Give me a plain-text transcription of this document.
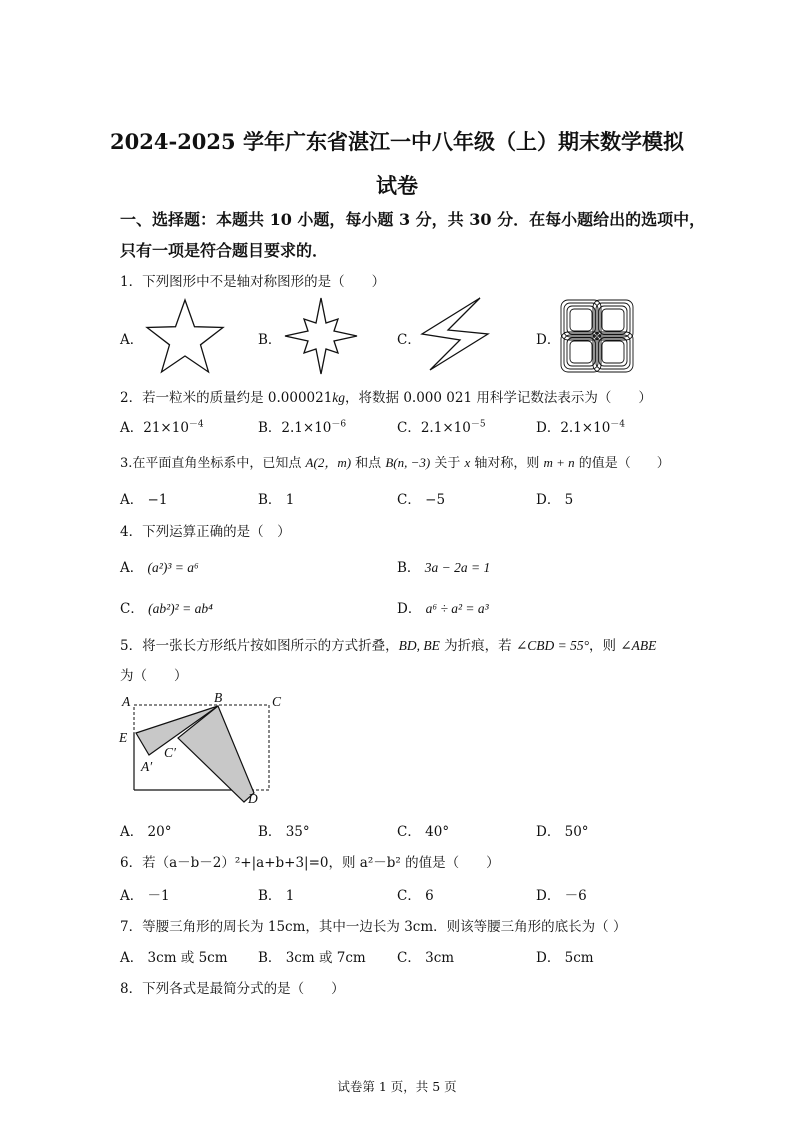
2024-2025 学年广东省湛江一中八年级（上）期末数学模拟
试卷
一、选择题：本题共 10 小题，每小题 3 分，共 30 分．在每小题给出的选项中，
只有一项是符合题目要求的．
1．下列图形中不是轴对称图形的是（　　）
A．	B．	C．	D．
2．若一粒米的质量约是 0.000021kg，将数据 0.000 021 用科学记数法表示为（　　）
A．$21\times 10^{-4}$	B．$2.1\times 10^{-6}$	C．$2.1\times 10^{-5}$	D．$2.1\times 10^{-4}$
3.在平面直角坐标系中，已知点 A(2，m) 和点 B(n, −3) 关于 x 轴对称，则 m + n 的值是（　　）
A． −1	B． 1	C． −5	D． 5
4．下列运算正确的是（　）
A． (a²)³ = a⁶	B． 3a − 2a = 1
C． (ab²)² = ab⁴	D． a⁶ ÷ a² = a³
5．将一张长方形纸片按如图所示的方式折叠，BD, BE 为折痕，若 ∠CBD = 55°，则 ∠ABE
为（　　）
A	B	C
E
A′
C′
D
A． 20°	B． 35°	C． 40°	D． 50°
6．若（a－b－2）²+|a+b+3|=0，则 a²－b² 的值是（　　）
A． －1	B． 1	C． 6	D． －6
7．等腰三角形的周长为 15cm，其中一边长为 3cm．则该等腰三角形的底长为（ ）
A． 3cm 或 5cm B． 3cm 或 7cm C． 3cm	D． 5cm
8．下列各式是最简分式的是（　　）
试卷第 1 页，共 5 页
